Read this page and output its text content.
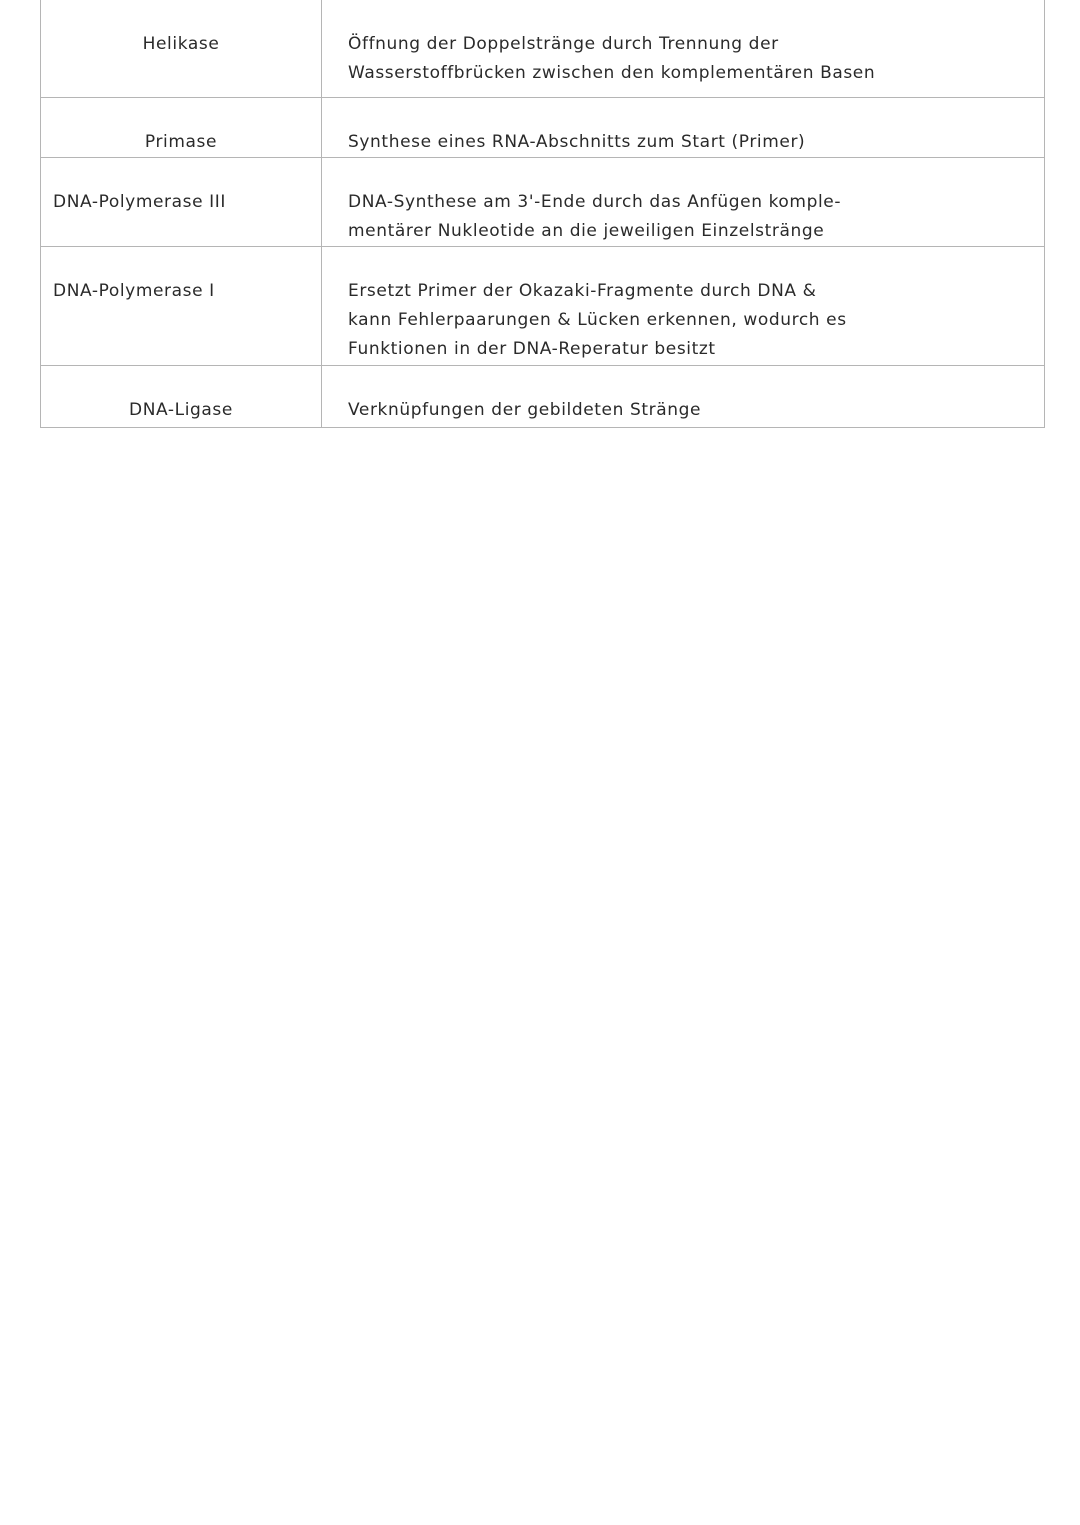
Helikase	Öffnung der Doppelstränge durch Trennung der
Wasserstoffbrücken zwischen den komplementären Basen

Primase	Synthese eines RNA-Abschnitts zum Start (Primer)

DNA-Polymerase III	DNA-Synthese am 3'-Ende durch das Anfügen komple-
mentärer Nukleotide an die jeweiligen Einzelstränge

DNA-Polymerase I	Ersetzt Primer der Okazaki-Fragmente durch DNA &
kann Fehlerpaarungen & Lücken erkennen, wodurch es
Funktionen in der DNA-Reperatur besitzt

DNA-Ligase	Verknüpfungen der gebildeten Stränge
